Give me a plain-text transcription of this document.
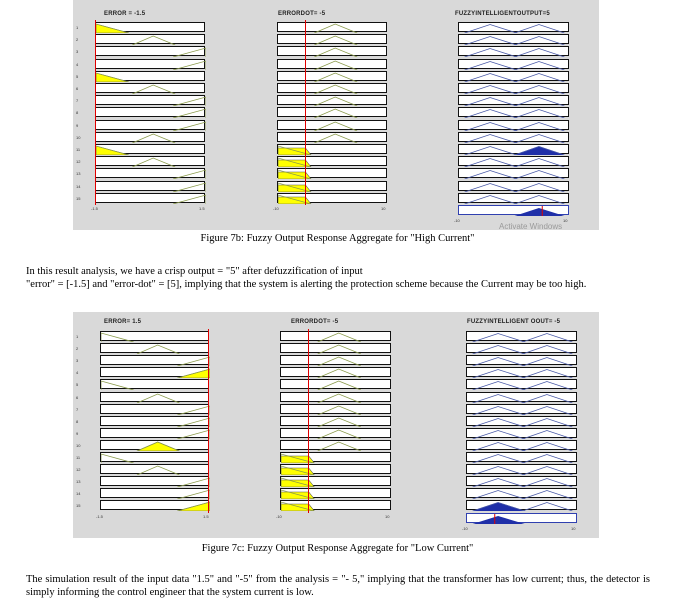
ERROR = -1.5	ERRORDOT= -5	FUZZYINTELLIGENTOUTPUT=5
Activate Windows
1
2
3
4
5
6
7
8
9
10
11
12
13
14
15
-1.5	1.5	-10	10
-10	10
Figure 7b: Fuzzy Output Response Aggregate for "High Current"
In this result analysis, we have a crisp output = "5" after defuzzification of input
"error" = [-1.5] and "error-dot" = [5], implying that the system is alerting the protection scheme because the Current may be too high.
ERROR= 1.5	ERRORDOT= -5	FUZZYINTELLIGENT OOUT= -5
1
2
3
4
5
6
7
8
9
10
11
12
13
14
15
-1.5	1.5	-10	10
-10	10
Figure 7c: Fuzzy Output Response Aggregate for "Low Current"
The simulation result of the input data "1.5" and "-5" from the analysis = "- 5," implying that the transformer has low current; thus, the detector is simply informing the control engineer that the system current is low.
